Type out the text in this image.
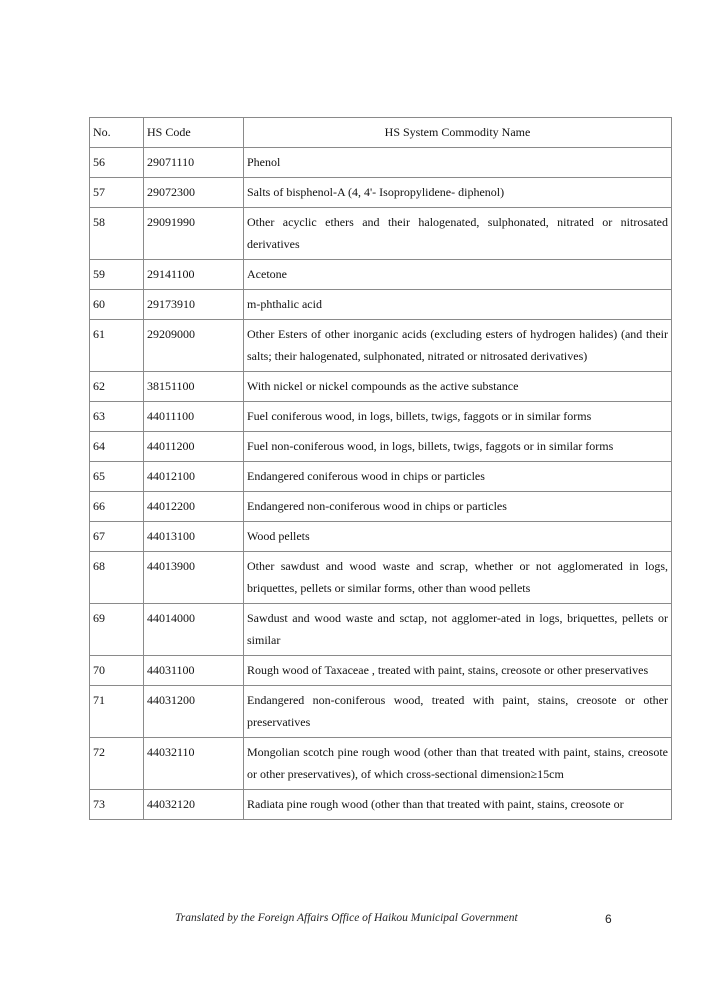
No.	HS Code	HS System Commodity Name
56	29071110	Phenol
57	29072300	Salts of bisphenol-A (4, 4'- Isopropylidene- diphenol)
58	29091990	Other acyclic ethers and their halogenated, sulphonated, nitrated or nitrosated derivatives
59	29141100	Acetone
60	29173910	m-phthalic acid
61	29209000	Other Esters of other inorganic acids (excluding esters of hydrogen halides) (and their salts; their halogenated, sulphonated, nitrated or nitrosated derivatives)
62	38151100	With nickel or nickel compounds as the active substance
63	44011100	Fuel coniferous wood, in logs, billets, twigs, faggots or in similar forms
64	44011200	Fuel non-coniferous wood, in logs, billets, twigs, faggots or in similar forms
65	44012100	Endangered coniferous wood in chips or particles
66	44012200	Endangered non-coniferous wood in chips or particles
67	44013100	Wood pellets
68	44013900	Other sawdust and wood waste and scrap, whether or not agglomerated in logs, briquettes, pellets or similar forms, other than wood pellets
69	44014000	Sawdust and wood waste and sctap, not agglomer-ated in logs, briquettes, pellets or similar
70	44031100	Rough wood of Taxaceae , treated with paint, stains, creosote or other preservatives
71	44031200	Endangered non-coniferous wood, treated with paint, stains, creosote or other preservatives
72	44032110	Mongolian scotch pine rough wood (other than that treated with paint, stains, creosote or other preservatives), of which cross-sectional dimension≥15cm
73	44032120	Radiata pine rough wood (other than that treated with paint, stains, creosote or
Translated by the Foreign Affairs Office of Haikou Municipal Government	6
